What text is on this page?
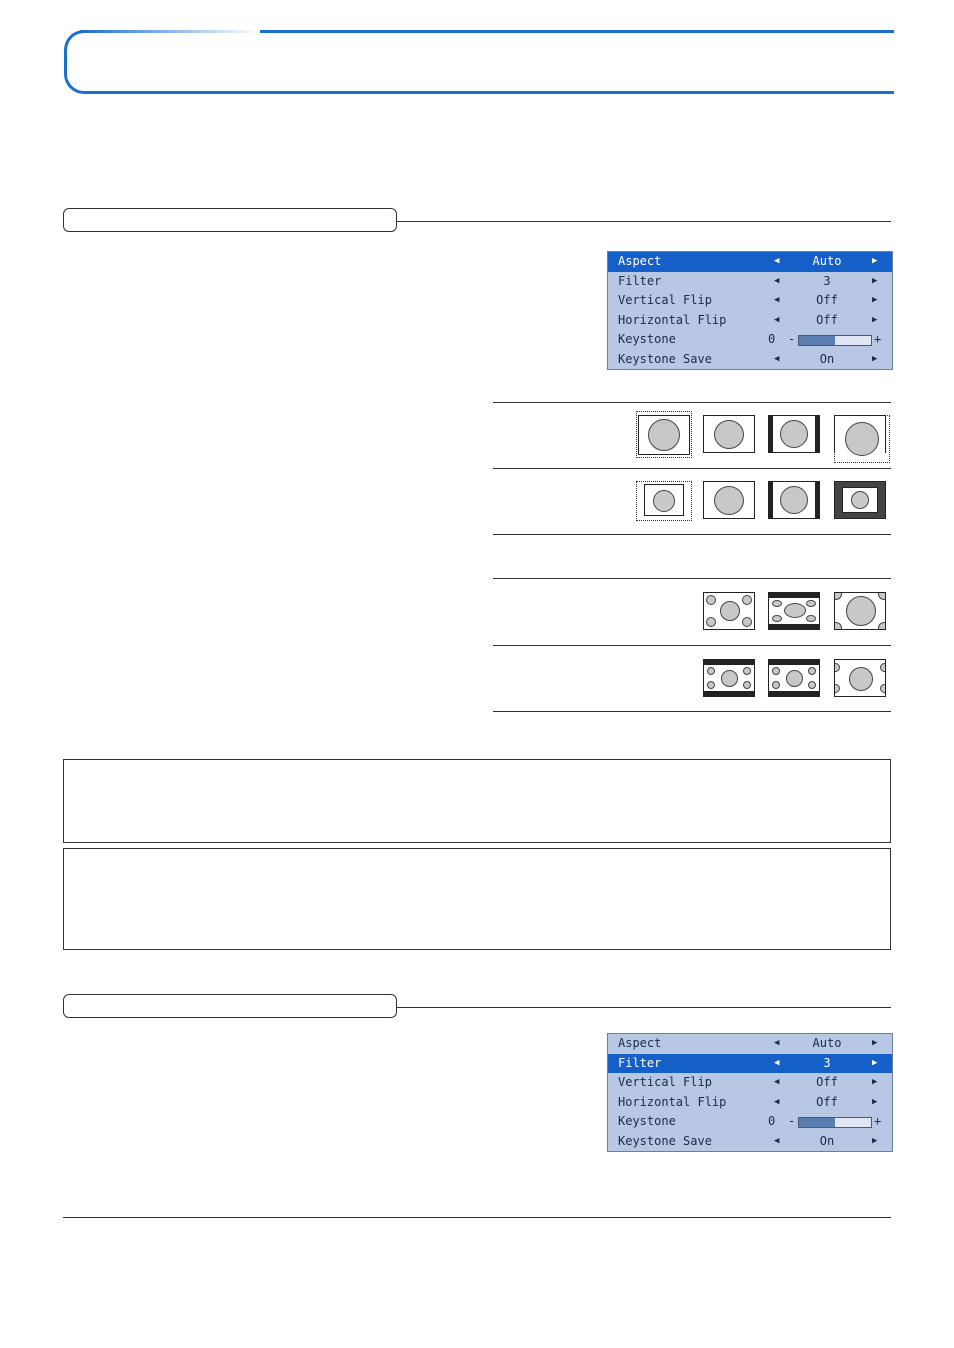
Aspect	◀	Auto	▶
Filter	◀	3	▶
Vertical Flip	◀	Off	▶
Horizontal Flip	◀	Off	▶
Keystone	0 -	+
Keystone Save	◀	On	▶
Aspect	◀	Auto	▶
Filter	◀	3	▶
Vertical Flip	◀	Off	▶
Horizontal Flip	◀	Off	▶
Keystone	0 -	+
Keystone Save	◀	On	▶
